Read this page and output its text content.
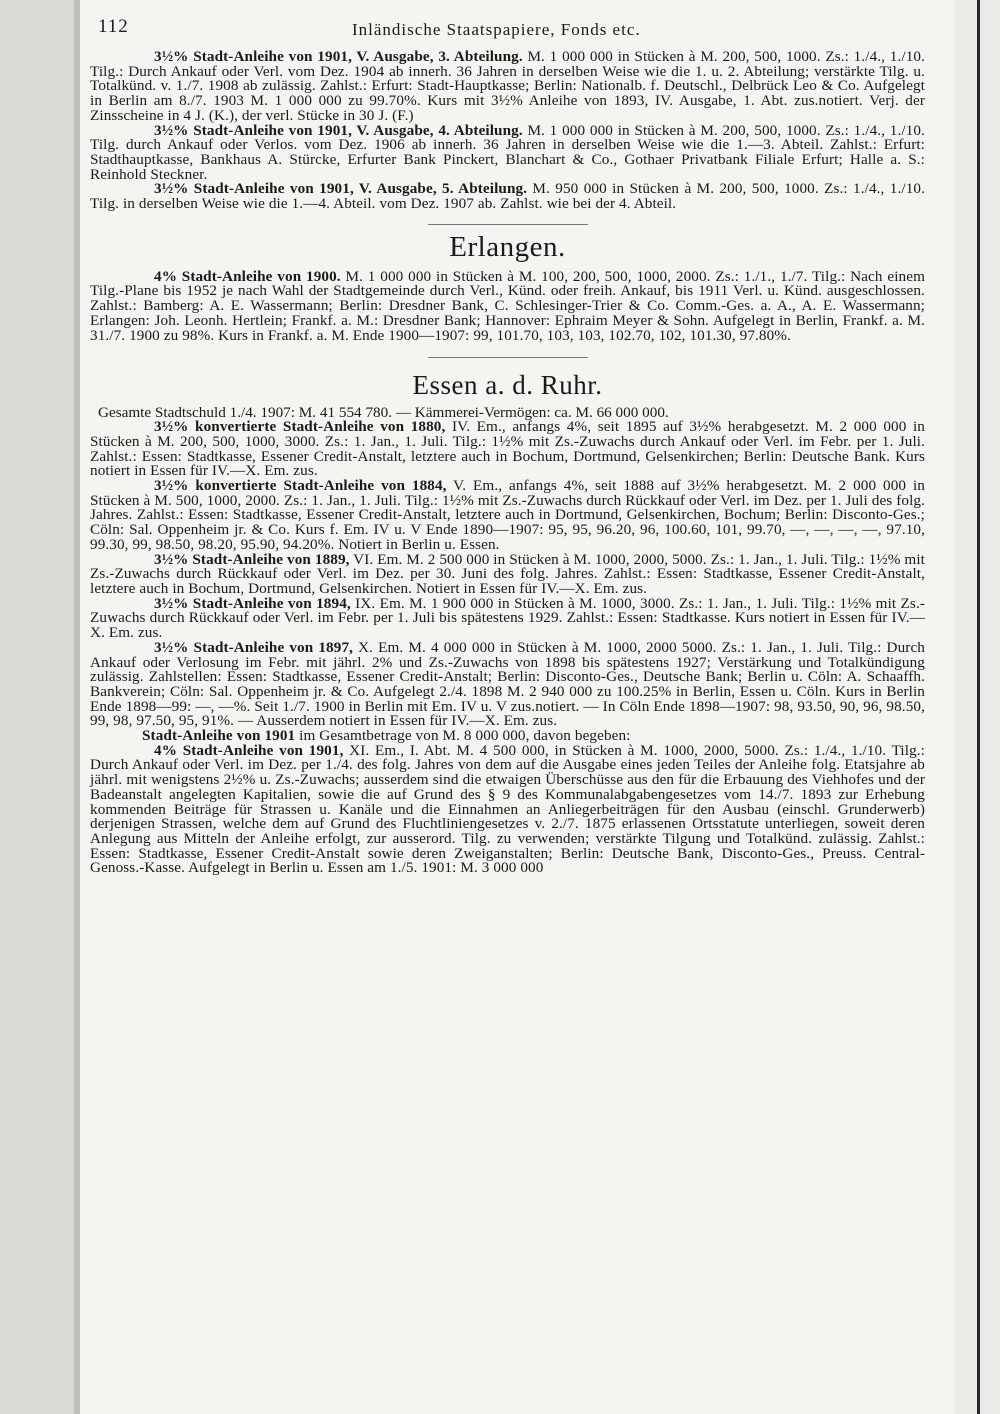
112	Inländische Staatspapiere, Fonds etc.

3½% Stadt-Anleihe von 1901, V. Ausgabe, 3. Abteilung. M. 1 000 000 in Stücken à M. 200, 500, 1000. Zs.: 1./4., 1./10. Tilg.: Durch Ankauf oder Verl. vom Dez. 1904 ab innerh. 36 Jahren in derselben Weise wie die 1. u. 2. Abteilung; verstärkte Tilg. u. Totalkünd. v. 1./7. 1908 ab zulässig. Zahlst.: Erfurt: Stadt-Hauptkasse; Berlin: Nationalb. f. Deutschl., Delbrück Leo & Co. Aufgelegt in Berlin am 8./7. 1903 M. 1 000 000 zu 99.70%. Kurs mit 3½% Anleihe von 1893, IV. Ausgabe, 1. Abt. zus.notiert. Verj. der Zinsscheine in 4 J. (K.), der verl. Stücke in 30 J. (F.)

3½% Stadt-Anleihe von 1901, V. Ausgabe, 4. Abteilung. M. 1 000 000 in Stücken à M. 200, 500, 1000. Zs.: 1./4., 1./10. Tilg. durch Ankauf oder Verlos. vom Dez. 1906 ab innerh. 36 Jahren in derselben Weise wie die 1.—3. Abteil. Zahlst.: Erfurt: Stadthauptkasse, Bankhaus A. Stürcke, Erfurter Bank Pinckert, Blanchart & Co., Gothaer Privatbank Filiale Erfurt; Halle a. S.: Reinhold Steckner.

3½% Stadt-Anleihe von 1901, V. Ausgabe, 5. Abteilung. M. 950 000 in Stücken à M. 200, 500, 1000. Zs.: 1./4., 1./10. Tilg. in derselben Weise wie die 1.—4. Abteil. vom Dez. 1907 ab. Zahlst. wie bei der 4. Abteil.

Erlangen.

4% Stadt-Anleihe von 1900. M. 1 000 000 in Stücken à M. 100, 200, 500, 1000, 2000. Zs.: 1./1., 1./7. Tilg.: Nach einem Tilg.-Plane bis 1952 je nach Wahl der Stadtgemeinde durch Verl., Künd. oder freih. Ankauf, bis 1911 Verl. u. Künd. ausgeschlossen. Zahlst.: Bamberg: A. E. Wassermann; Berlin: Dresdner Bank, C. Schlesinger-Trier & Co. Comm.-Ges. a. A., A. E. Wassermann; Erlangen: Joh. Leonh. Hertlein; Frankf. a. M.: Dresdner Bank; Hannover: Ephraim Meyer & Sohn. Aufgelegt in Berlin, Frankf. a. M. 31./7. 1900 zu 98%. Kurs in Frankf. a. M. Ende 1900—1907: 99, 101.70, 103, 103, 102.70, 102, 101.30, 97.80%.

Essen a. d. Ruhr.
Gesamte Stadtschuld 1./4. 1907: M. 41 554 780. — Kämmerei-Vermögen: ca. M. 66 000 000.

3½% konvertierte Stadt-Anleihe von 1880, IV. Em., anfangs 4%, seit 1895 auf 3½% herabgesetzt. M. 2 000 000 in Stücken à M. 200, 500, 1000, 3000. Zs.: 1. Jan., 1. Juli. Tilg.: 1½% mit Zs.-Zuwachs durch Ankauf oder Verl. im Febr. per 1. Juli. Zahlst.: Essen: Stadtkasse, Essener Credit-Anstalt, letztere auch in Bochum, Dortmund, Gelsenkirchen; Berlin: Deutsche Bank. Kurs notiert in Essen für IV.—X. Em. zus.

3½% konvertierte Stadt-Anleihe von 1884, V. Em., anfangs 4%, seit 1888 auf 3½% herabgesetzt. M. 2 000 000 in Stücken à M. 500, 1000, 2000. Zs.: 1. Jan., 1. Juli. Tilg.: 1½% mit Zs.-Zuwachs durch Rückkauf oder Verl. im Dez. per 1. Juli des folg. Jahres. Zahlst.: Essen: Stadtkasse, Essener Credit-Anstalt, letztere auch in Dortmund, Gelsenkirchen, Bochum; Berlin: Disconto-Ges.; Cöln: Sal. Oppenheim jr. & Co. Kurs f. Em. IV u. V Ende 1890—1907: 95, 95, 96.20, 96, 100.60, 101, 99.70, —, —, —, —, 97.10, 99.30, 99, 98.50, 98.20, 95.90, 94.20%. Notiert in Berlin u. Essen.

3½% Stadt-Anleihe von 1889, VI. Em. M. 2 500 000 in Stücken à M. 1000, 2000, 5000. Zs.: 1. Jan., 1. Juli. Tilg.: 1½% mit Zs.-Zuwachs durch Rückkauf oder Verl. im Dez. per 30. Juni des folg. Jahres. Zahlst.: Essen: Stadtkasse, Essener Credit-Anstalt, letztere auch in Bochum, Dortmund, Gelsenkirchen. Notiert in Essen für IV.—X. Em. zus.

3½% Stadt-Anleihe von 1894, IX. Em. M. 1 900 000 in Stücken à M. 1000, 3000. Zs.: 1. Jan., 1. Juli. Tilg.: 1½% mit Zs.-Zuwachs durch Rückkauf oder Verl. im Febr. per 1. Juli bis spätestens 1929. Zahlst.: Essen: Stadtkasse. Kurs notiert in Essen für IV.—X. Em. zus.

3½% Stadt-Anleihe von 1897, X. Em. M. 4 000 000 in Stücken à M. 1000, 2000 5000. Zs.: 1. Jan., 1. Juli. Tilg.: Durch Ankauf oder Verlosung im Febr. mit jährl. 2% und Zs.-Zuwachs von 1898 bis spätestens 1927; Verstärkung und Totalkündigung zulässig. Zahlstellen: Essen: Stadtkasse, Essener Credit-Anstalt; Berlin: Disconto-Ges., Deutsche Bank; Berlin u. Cöln: A. Schaaffh. Bankverein; Cöln: Sal. Oppenheim jr. & Co. Aufgelegt 2./4. 1898 M. 2 940 000 zu 100.25% in Berlin, Essen u. Cöln. Kurs in Berlin Ende 1898—99: —, —%. Seit 1./7. 1900 in Berlin mit Em. IV u. V zus.notiert. — In Cöln Ende 1898—1907: 98, 93.50, 90, 96, 98.50, 99, 98, 97.50, 95, 91%. — Ausserdem notiert in Essen für IV.—X. Em. zus.

Stadt-Anleihe von 1901 im Gesamtbetrage von M. 8 000 000, davon begeben:

4% Stadt-Anleihe von 1901, XI. Em., I. Abt. M. 4 500 000, in Stücken à M. 1000, 2000, 5000. Zs.: 1./4., 1./10. Tilg.: Durch Ankauf oder Verl. im Dez. per 1./4. des folg. Jahres von dem auf die Ausgabe eines jeden Teiles der Anleihe folg. Etatsjahre ab jährl. mit wenigstens 2½% u. Zs.-Zuwachs; ausserdem sind die etwaigen Überschüsse aus den für die Erbauung des Viehhofes und der Badeanstalt angelegten Kapitalien, sowie die auf Grund des § 9 des Kommunalabgabengesetzes vom 14./7. 1893 zur Erhebung kommenden Beiträge für Strassen u. Kanäle und die Einnahmen an Anliegerbeiträgen für den Ausbau (einschl. Grunderwerb) derjenigen Strassen, welche dem auf Grund des Fluchtliniengesetzes v. 2./7. 1875 erlassenen Ortsstatute unterliegen, soweit deren Anlegung aus Mitteln der Anleihe erfolgt, zur ausserord. Tilg. zu verwenden; verstärkte Tilgung und Totalkünd. zulässig. Zahlst.: Essen: Stadtkasse, Essener Credit-Anstalt sowie deren Zweiganstalten; Berlin: Deutsche Bank, Disconto-Ges., Preuss. Central-Genoss.-Kasse. Aufgelegt in Berlin u. Essen am 1./5. 1901: M. 3 000 000
